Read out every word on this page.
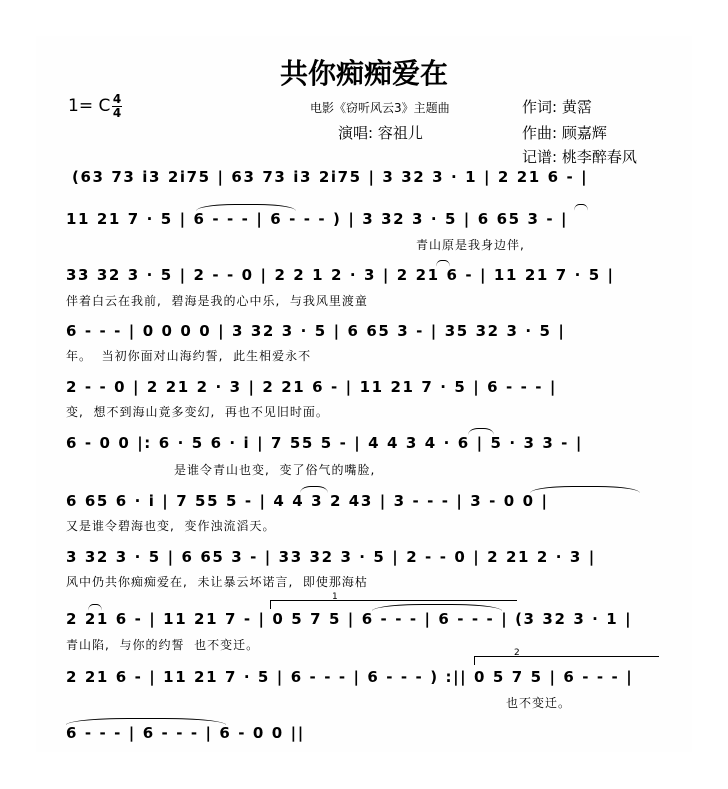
共你痴痴爱在
1= C 4
4	电影《窃听风云3》主题曲	作词: 黄霑
演唱: 容祖儿	作曲: 顾嘉辉
记谱: 桃李醉春风
(63 73 i3 2i75 | 63 73 i3 2i75 | 3 32 3 · 1 | 2 21 6 - |
11 21 7 · 5 | 6 - - - | 6 - - - ) | 3 32 3 · 5 | 6 65 3 - |
青山原是我身边伴,
33 32 3 · 5 | 2 - - 0 | 2 2 1 2 · 3 | 2 21 6 - | 11 21 7 · 5 |
伴着白云在我前,  碧海是我的心中乐,  与我风里渡童
6 - - - | 0 0 0 0 | 3 32 3 · 5 | 6 65 3 - | 35 32 3 · 5 |
年。  当初你面对山海约誓,  此生相爱永不
2 - - 0 | 2 21 2 · 3 | 2 21 6 - | 11 21 7 · 5 | 6 - - - |
变,  想不到海山竟多变幻,  再也不见旧时面。
6 - 0 0 |: 6 · 5 6 · i | 7 55 5 - | 4 4 3 4 · 6 | 5 · 3 3 - |
是谁令青山也变,  变了俗气的嘴脸,
6 65 6 · i | 7 55 5 - | 4 4 3 2 43 | 3 - - - | 3 - 0 0 |
又是谁令碧海也变,  变作浊流滔天。
3 32 3 · 5 | 6 65 3 - | 33 32 3 · 5 | 2 - - 0 | 2 21 2 · 3 |
风中仍共你痴痴爱在,  未让暴云坏诺言,  即使那海枯
2 21 6 - | 11 21 7 - | 0 5 7 5 | 6 - - - | 6 - - - | (3 32 3 · 1 |
青山陷,  与你的约誓  也不变迁。
2 21 6 - | 11 21 7 · 5 | 6 - - - | 6 - - - ) :|| 0 5 7 5 | 6 - - - |
也不变迁。
6 - - - | 6 - - - | 6 - 0 0 ||
1
2
